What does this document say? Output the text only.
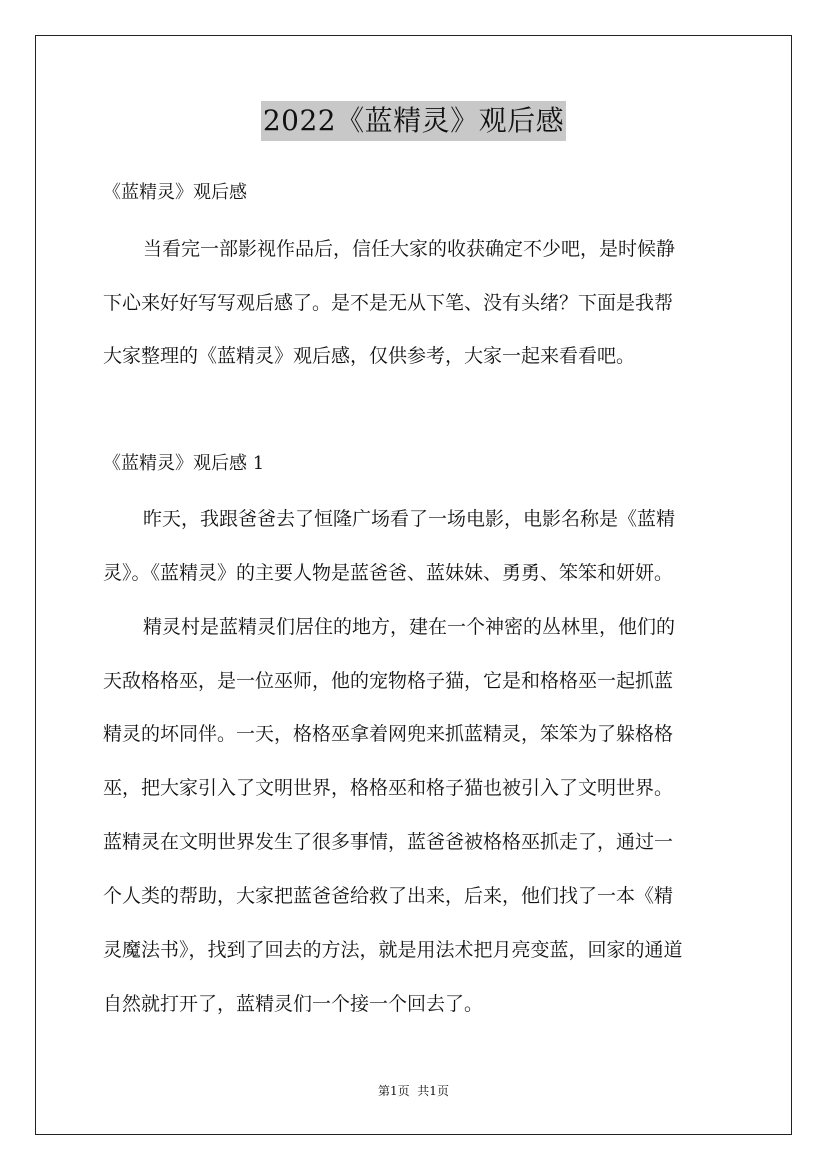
2022《蓝精灵》观后感
《蓝精灵》观后感
当看完一部影视作品后，信任大家的收获确定不少吧，是时候静
下心来好好写写观后感了。是不是无从下笔、没有头绪？下面是我帮
大家整理的《蓝精灵》观后感，仅供参考，大家一起来看看吧。
《蓝精灵》观后感 1
昨天，我跟爸爸去了恒隆广场看了一场电影，电影名称是《蓝精
灵》。《蓝精灵》的主要人物是蓝爸爸、蓝妹妹、勇勇、笨笨和妍妍。
精灵村是蓝精灵们居住的地方，建在一个神密的丛林里，他们的
天敌格格巫，是一位巫师，他的宠物格子猫，它是和格格巫一起抓蓝
精灵的坏同伴。一天，格格巫拿着网兜来抓蓝精灵，笨笨为了躲格格
巫，把大家引入了文明世界，格格巫和格子猫也被引入了文明世界。
蓝精灵在文明世界发生了很多事情，蓝爸爸被格格巫抓走了，通过一
个人类的帮助，大家把蓝爸爸给救了出来，后来，他们找了一本《精
灵魔法书》，找到了回去的方法，就是用法术把月亮变蓝，回家的通道
自然就打开了，蓝精灵们一个接一个回去了。
第1页  共1页
